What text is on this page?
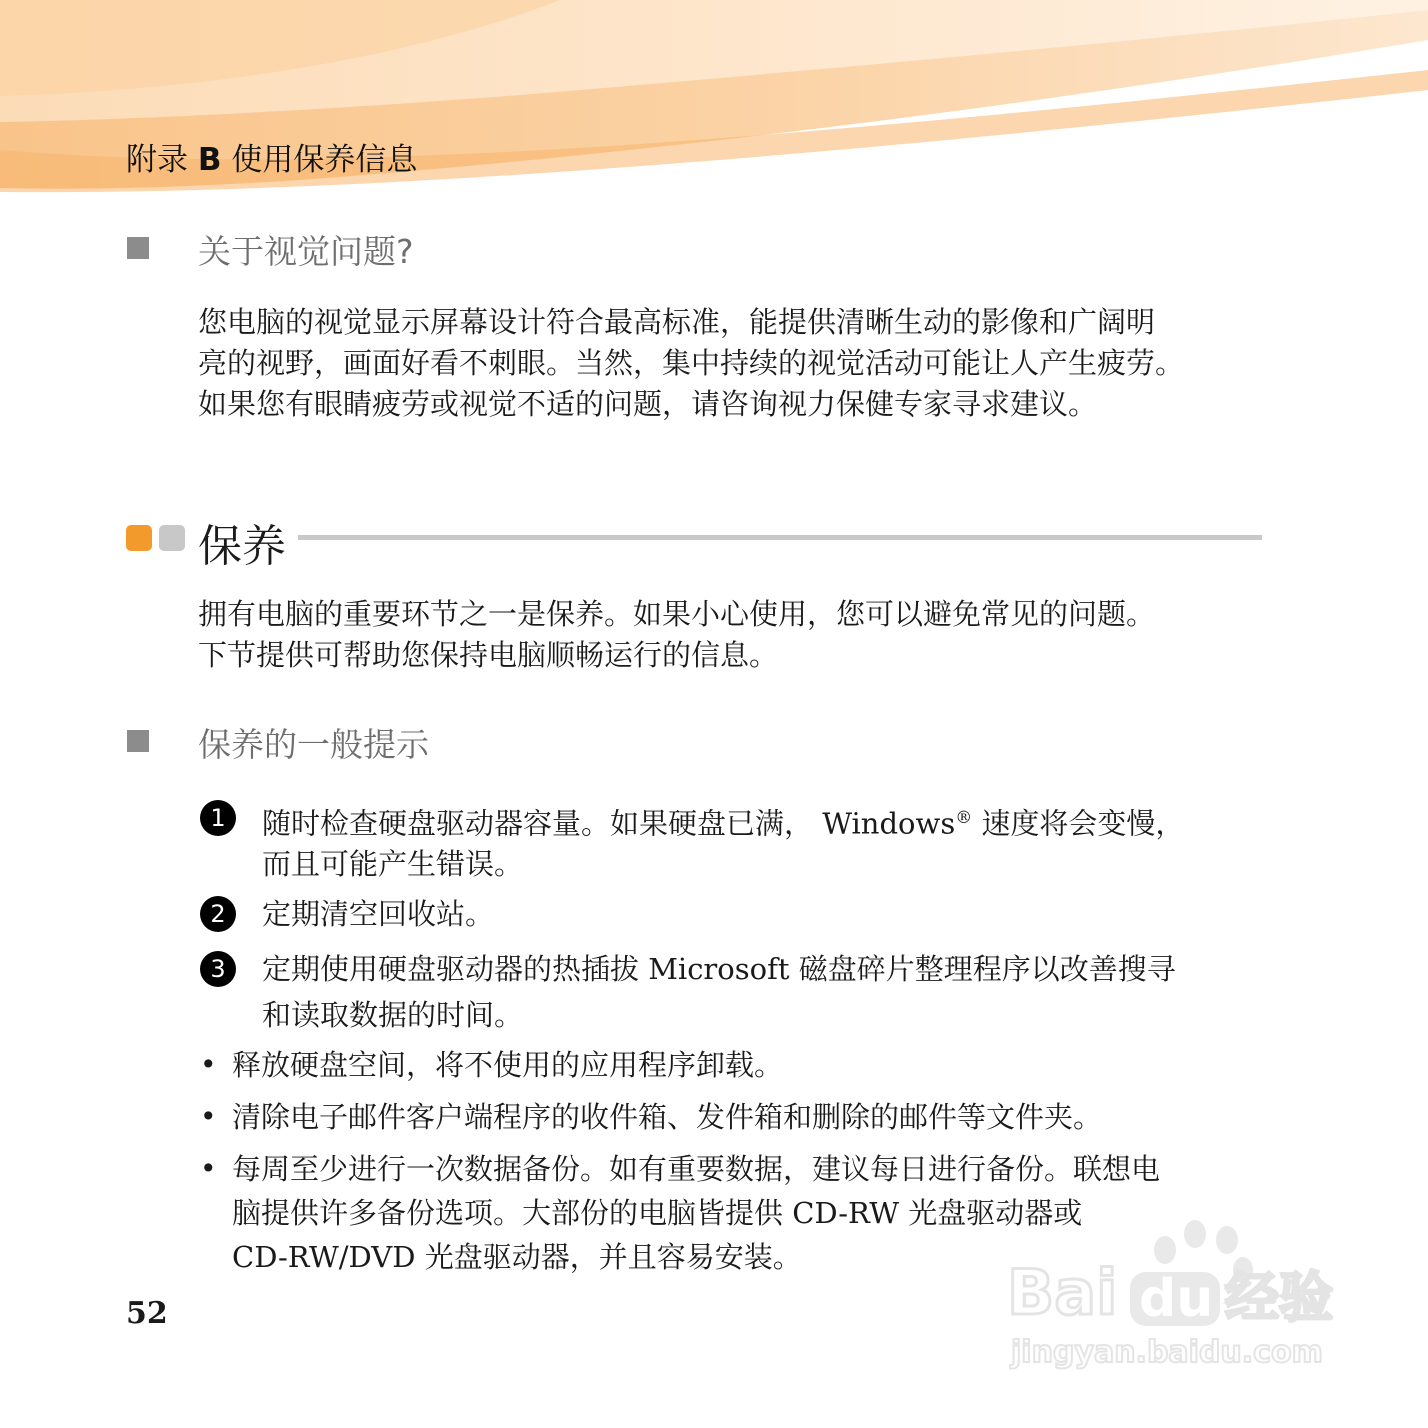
附录 B 使用保养信息
关于视觉问题?
您电脑的视觉显示屏幕设计符合最高标准，能提供清晰生动的影像和广阔明
亮的视野，画面好看不刺眼。当然，集中持续的视觉活动可能让人产生疲劳。
如果您有眼睛疲劳或视觉不适的问题，请咨询视力保健专家寻求建议。
保养
拥有电脑的重要环节之一是保养。如果小心使用，您可以避免常见的问题。
下节提供可帮助您保持电脑顺畅运行的信息。
保养的一般提示
1	随时检查硬盘驱动器容量。如果硬盘已满， Windows® 速度将会变慢，
而且可能产生错误。
2	定期清空回收站。
3	定期使用硬盘驱动器的热插拔 Microsoft 磁盘碎片整理程序以改善搜寻
和读取数据的时间。
• 释放硬盘空间，将不使用的应用程序卸载。
• 清除电子邮件客户端程序的收件箱、发件箱和删除的邮件等文件夹。
• 每周至少进行一次数据备份。如有重要数据，建议每日进行备份。联想电
脑提供许多备份选项。大部份的电脑皆提供 CD-RW 光盘驱动器或
CD-RW/DVD 光盘驱动器，并且容易安装。
52	Bai du 经验
jingyan.baidu.com
